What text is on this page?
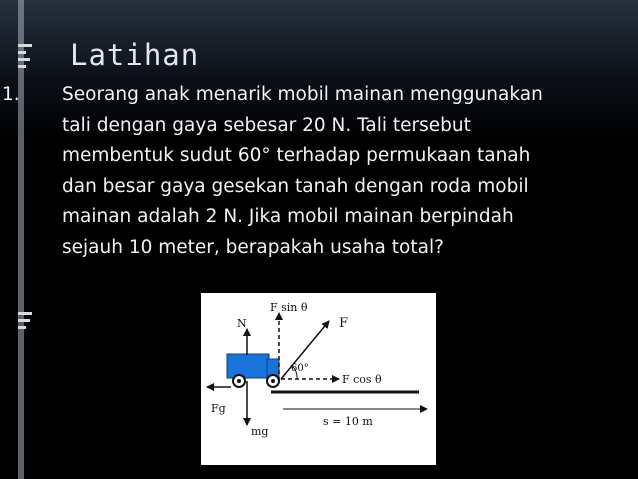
Latihan
1. Seorang anak menarik mobil mainan menggunakan
tali dengan gaya sebesar 20 N. Tali tersebut
membentuk sudut 60° terhadap permukaan tanah
dan besar gaya gesekan tanah dengan roda mobil
mainan adalah 2 N. Jika mobil mainan berpindah
sejauh 10 meter, berapakah usaha total?
N
mg
Fg
F sin θ
F
60°
F cos θ
s = 10 m
